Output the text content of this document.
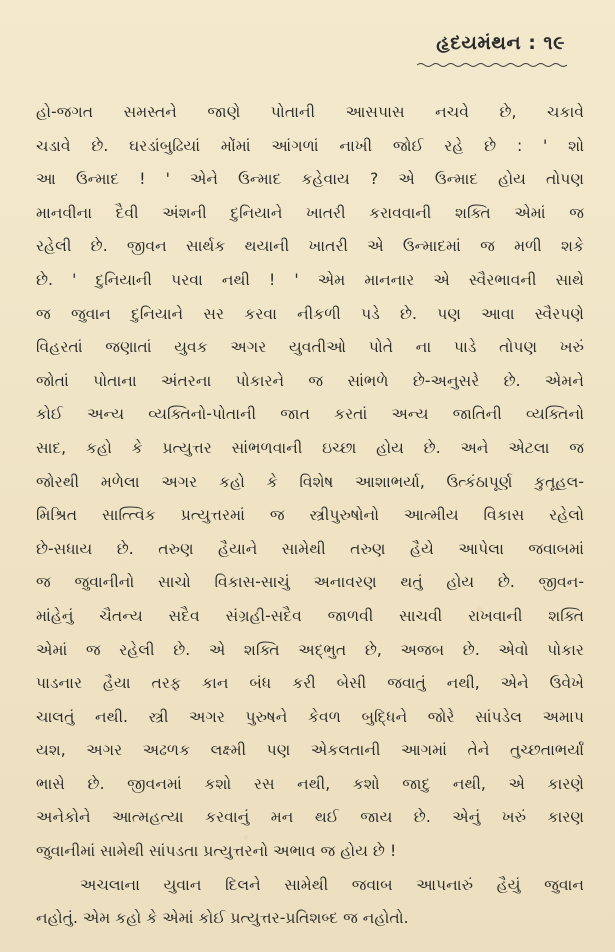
હૃદયમંથન : ૧૯
હો-જગત સમસ્તને જાણે પોતાની આસપાસ નચવે છે, ચકાવે
ચડાવે છે. ઘરડાંબુઢિયાં મોંમાં આંગળાં નાખી જોઈ રહે છે : ' શો
આ ઉન્માદ ! ' એને ઉન્માદ કહેવાય ? એ ઉન્માદ હોય તોપણ
માનવીના દૈવી અંશની દુનિયાને ખાતરી કરાવવાની શક્તિ એમાં જ
રહેલી છે. જીવન સાર્થક થયાની ખાતરી એ ઉન્માદમાં જ મળી શકે
છે. ' દુનિયાની પરવા નથી ! ' એમ માનનાર એ સ્વૈરભાવની સાથે
જ જુવાન દુનિયાને સર કરવા નીકળી પડે છે. પણ આવા સ્વૈરપણે
વિહરતાં જણાતાં યુવક અગર યુવતીઓ પોતે ના પાડે તોપણ ખરું
જોતાં પોતાના અંતરના પોકારને જ સાંભળે છે-અનુસરે છે. એમને
કોઈ અન્ય વ્યક્તિનો-પોતાની જાત કરતાં અન્ય જાતિની વ્યક્તિનો
સાદ, કહો કે પ્રત્યુત્તર સાંભળવાની ઇચ્છા હોય છે. અને એટલા જ
જોરથી મળેલા અગર કહો કે વિશેષ આશાભર્યા, ઉત્કંઠાપૂર્ણ કુતૂહલ-
મિશ્રિત સાત્ત્વિક પ્રત્યુત્તરમાં જ સ્ત્રીપુરુષોનો આત્મીય વિકાસ રહેલો
છે-સધાય છે. તરુણ હૈયાને સામેથી તરુણ હૈયે આપેલા જવાબમાં
જ જુવાનીનો સાચો વિકાસ-સાચું અનાવરણ થતું હોય છે. જીવન-
માંહેનું ચૈતન્ય સદૈવ સંગ્રહી-સદૈવ જાળવી સાચવી રાખવાની શક્તિ
એમાં જ રહેલી છે. એ શક્તિ અદ્ભુત છે, અજબ છે. એવો પોકાર
પાડનાર હૈયા તરફ કાન બંધ કરી બેસી જવાતું નથી, એને ઉવેખે
ચાલતું નથી. સ્ત્રી અગર પુરુષને કેવળ બુદ્ધિને જોરે સાંપડેલ અમાપ
યશ, અગર અઢળક લક્ષ્મી પણ એકલતાની આગમાં તેને તુચ્છતાભર્યાં
ભાસે છે. જીવનમાં કશો રસ નથી, કશો જાદુ નથી, એ કારણે
અનેકોને આત્મહત્યા કરવાનું મન થઈ જાય છે. એનું ખરું કારણ
જુવાનીમાં સામેથી સાંપડતા પ્રત્યુત્તરનો અભાવ જ હોય છે !
અચલાના યુવાન દિલને સામેથી જવાબ આપનારું હૈયું જુવાન
નહોતું. એમ કહો કે એમાં કોઈ પ્રત્યુત્તર-પ્રતિશબ્દ જ નહોતો.
